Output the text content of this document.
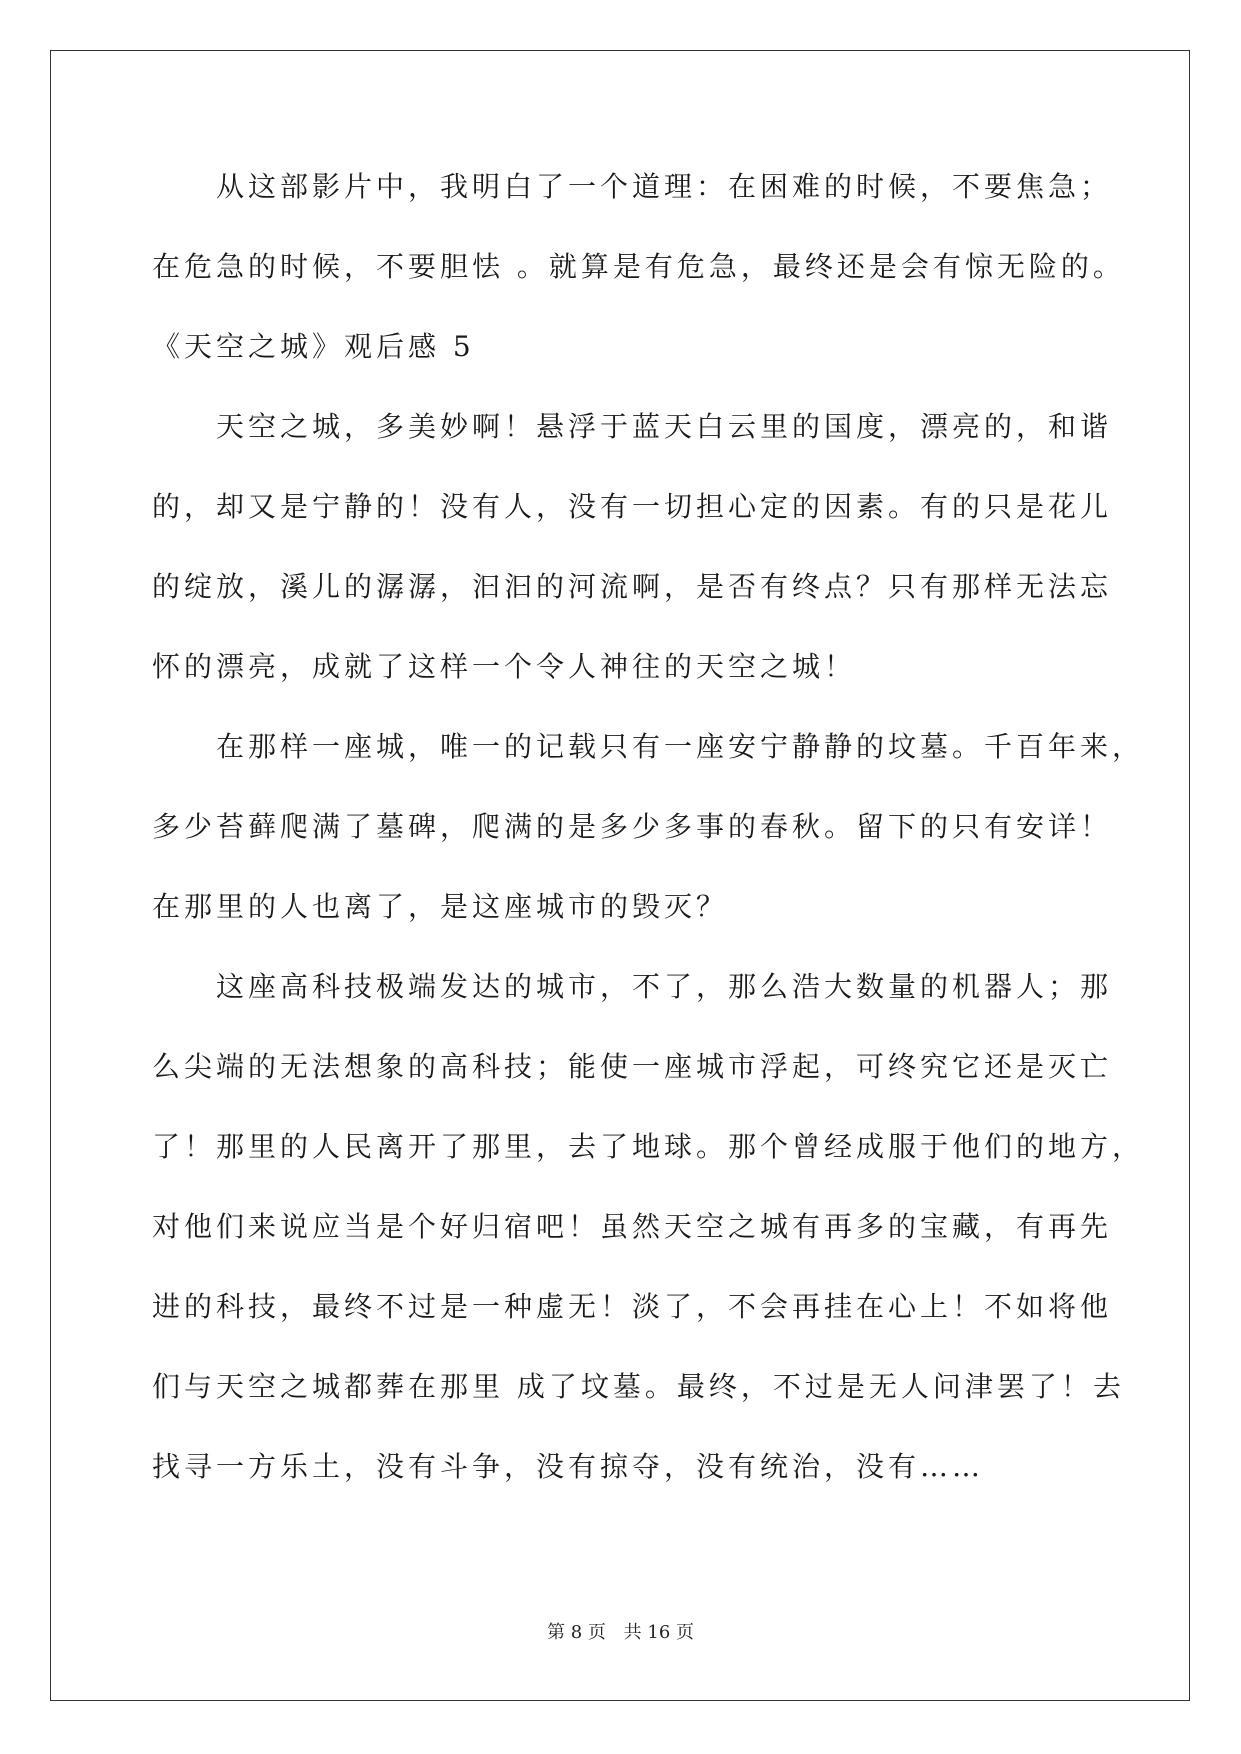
从这部影片中，我明白了一个道理：在困难的时候，不要焦急；
在危急的时候，不要胆怯 。就算是有危急，最终还是会有惊无险的。
《天空之城》观后感 5
天空之城，多美妙啊！悬浮于蓝天白云里的国度，漂亮的，和谐
的，却又是宁静的！没有人，没有一切担心定的因素。有的只是花儿
的绽放，溪儿的潺潺，汩汩的河流啊，是否有终点？只有那样无法忘
怀的漂亮，成就了这样一个令人神往的天空之城！
在那样一座城，唯一的记载只有一座安宁静静的坟墓。千百年来，
多少苔藓爬满了墓碑，爬满的是多少多事的春秋。留下的只有安详！
在那里的人也离了，是这座城市的毁灭？
这座高科技极端发达的城市，不了，那么浩大数量的机器人；那
么尖端的无法想象的高科技；能使一座城市浮起，可终究它还是灭亡
了！那里的人民离开了那里，去了地球。那个曾经成服于他们的地方，
对他们来说应当是个好归宿吧！虽然天空之城有再多的宝藏，有再先
进的科技，最终不过是一种虚无！淡了，不会再挂在心上！不如将他
们与天空之城都葬在那里 成了坟墓。最终，不过是无人问津罢了！去
找寻一方乐土，没有斗争，没有掠夺，没有统治，没有……
第 8 页 共 16 页
